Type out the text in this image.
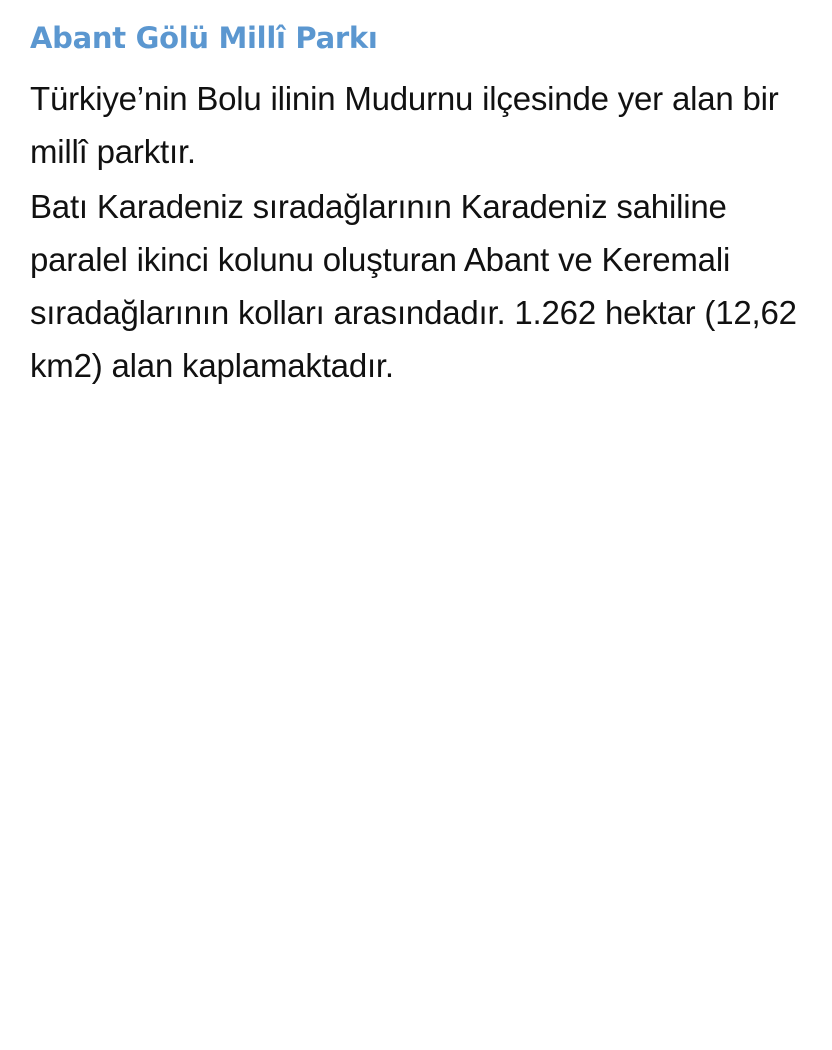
Abant Gölü Millî Parkı

Türkiye’nin Bolu ilinin Mudurnu ilçesinde yer alan bir millî parktır.

Batı Karadeniz sıradağlarının Karadeniz sahiline paralel ikinci kolunu oluşturan Abant ve Keremali sıradağlarının kolları arasındadır. 1.262 hektar (12,62 km2) alan kaplamaktadır.
